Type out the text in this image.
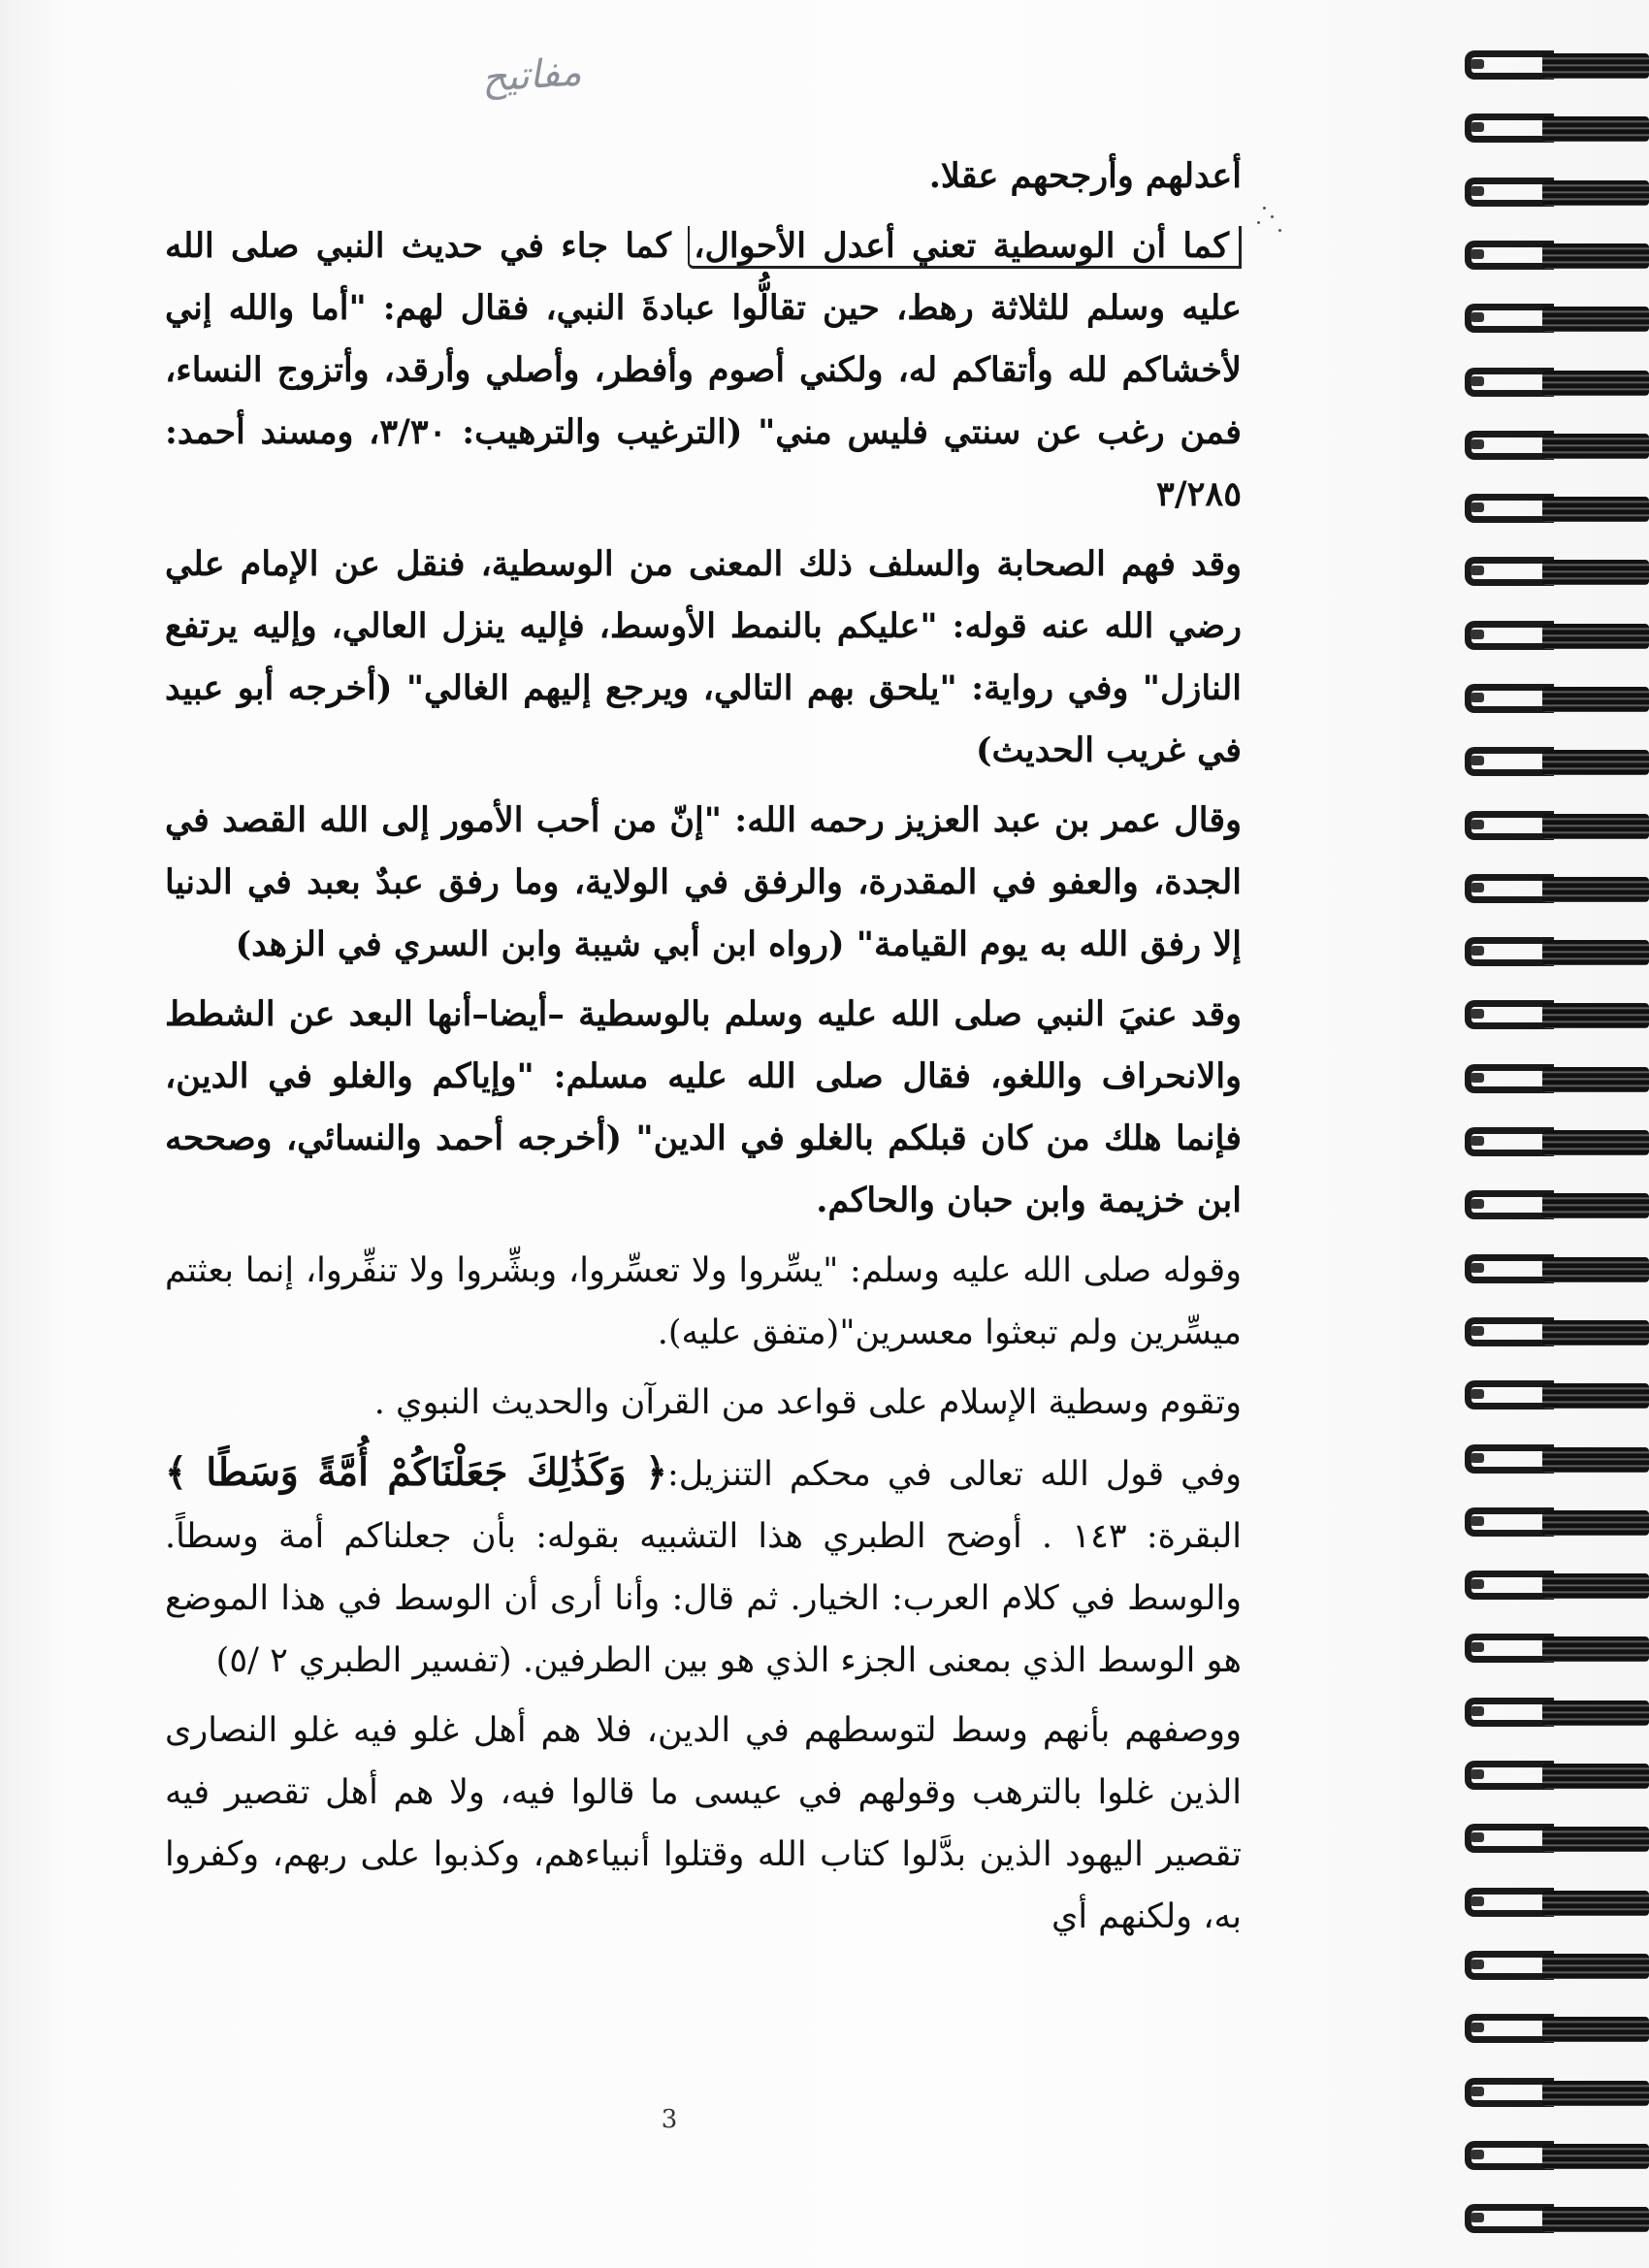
مفاتيح

أعدلهم وأرجحهم عقلا.

كما أن الوسطية تعني أعدل الأحوال، كما جاء في حديث النبي صلى الله عليه وسلم للثلاثة رهط، حين تقالُّوا عبادةَ النبي، فقال لهم: "أما والله إني لأخشاكم لله وأتقاكم له، ولكني أصوم وأفطر، وأصلي وأرقد، وأتزوج النساء، فمن رغب عن سنتي فليس مني" (الترغيب والترهيب: ٣/٣٠، ومسند أحمد: ٣/٢٨٥

وقد فهم الصحابة والسلف ذلك المعنى من الوسطية، فنقل عن الإمام علي رضي الله عنه قوله: "عليكم بالنمط الأوسط، فإليه ينزل العالي، وإليه يرتفع النازل" وفي رواية: "يلحق بهم التالي، ويرجع إليهم الغالي" (أخرجه أبو عبيد في غريب الحديث)

وقال عمر بن عبد العزيز رحمه الله: "إنّ من أحب الأمور إلى الله القصد في الجدة، والعفو في المقدرة، والرفق في الولاية، وما رفق عبدٌ بعبد في الدنيا إلا رفق الله به يوم القيامة" (رواه ابن أبي شيبة وابن السري في الزهد)

وقد عنيَ النبي صلى الله عليه وسلم بالوسطية –أيضا–أنها البعد عن الشطط والانحراف واللغو، فقال صلى الله عليه مسلم: "وإياكم والغلو في الدين، فإنما هلك من كان قبلكم بالغلو في الدين" (أخرجه أحمد والنسائي، وصححه ابن خزيمة وابن حبان والحاكم.

وقوله صلى الله عليه وسلم: "يسِّروا ولا تعسِّروا، وبشِّروا ولا تنفِّروا، إنما بعثتم ميسِّرين ولم تبعثوا معسرين"(متفق عليه).

وتقوم وسطية الإسلام على قواعد من القرآن والحديث النبوي .

وفي قول الله تعالى في محكم التنزيل:﴿ وَكَذَٰلِكَ جَعَلْنَاكُمْ أُمَّةً وَسَطًا ﴾ البقرة: ١٤٣ . أوضح الطبري هذا التشبيه بقوله: بأن جعلناكم أمة وسطاً. والوسط في كلام العرب: الخيار. ثم قال: وأنا أرى أن الوسط في هذا الموضع هو الوسط الذي بمعنى الجزء الذي هو بين الطرفين. (تفسير الطبري ٢ /٥)

ووصفهم بأنهم وسط لتوسطهم في الدين، فلا هم أهل غلو فيه غلو النصارى الذين غلوا بالترهب وقولهم في عيسى ما قالوا فيه، ولا هم أهل تقصير فيه تقصير اليهود الذين بدَّلوا كتاب الله وقتلوا أنبياءهم، وكذبوا على ربهم، وكفروا به، ولكنهم أي

3
